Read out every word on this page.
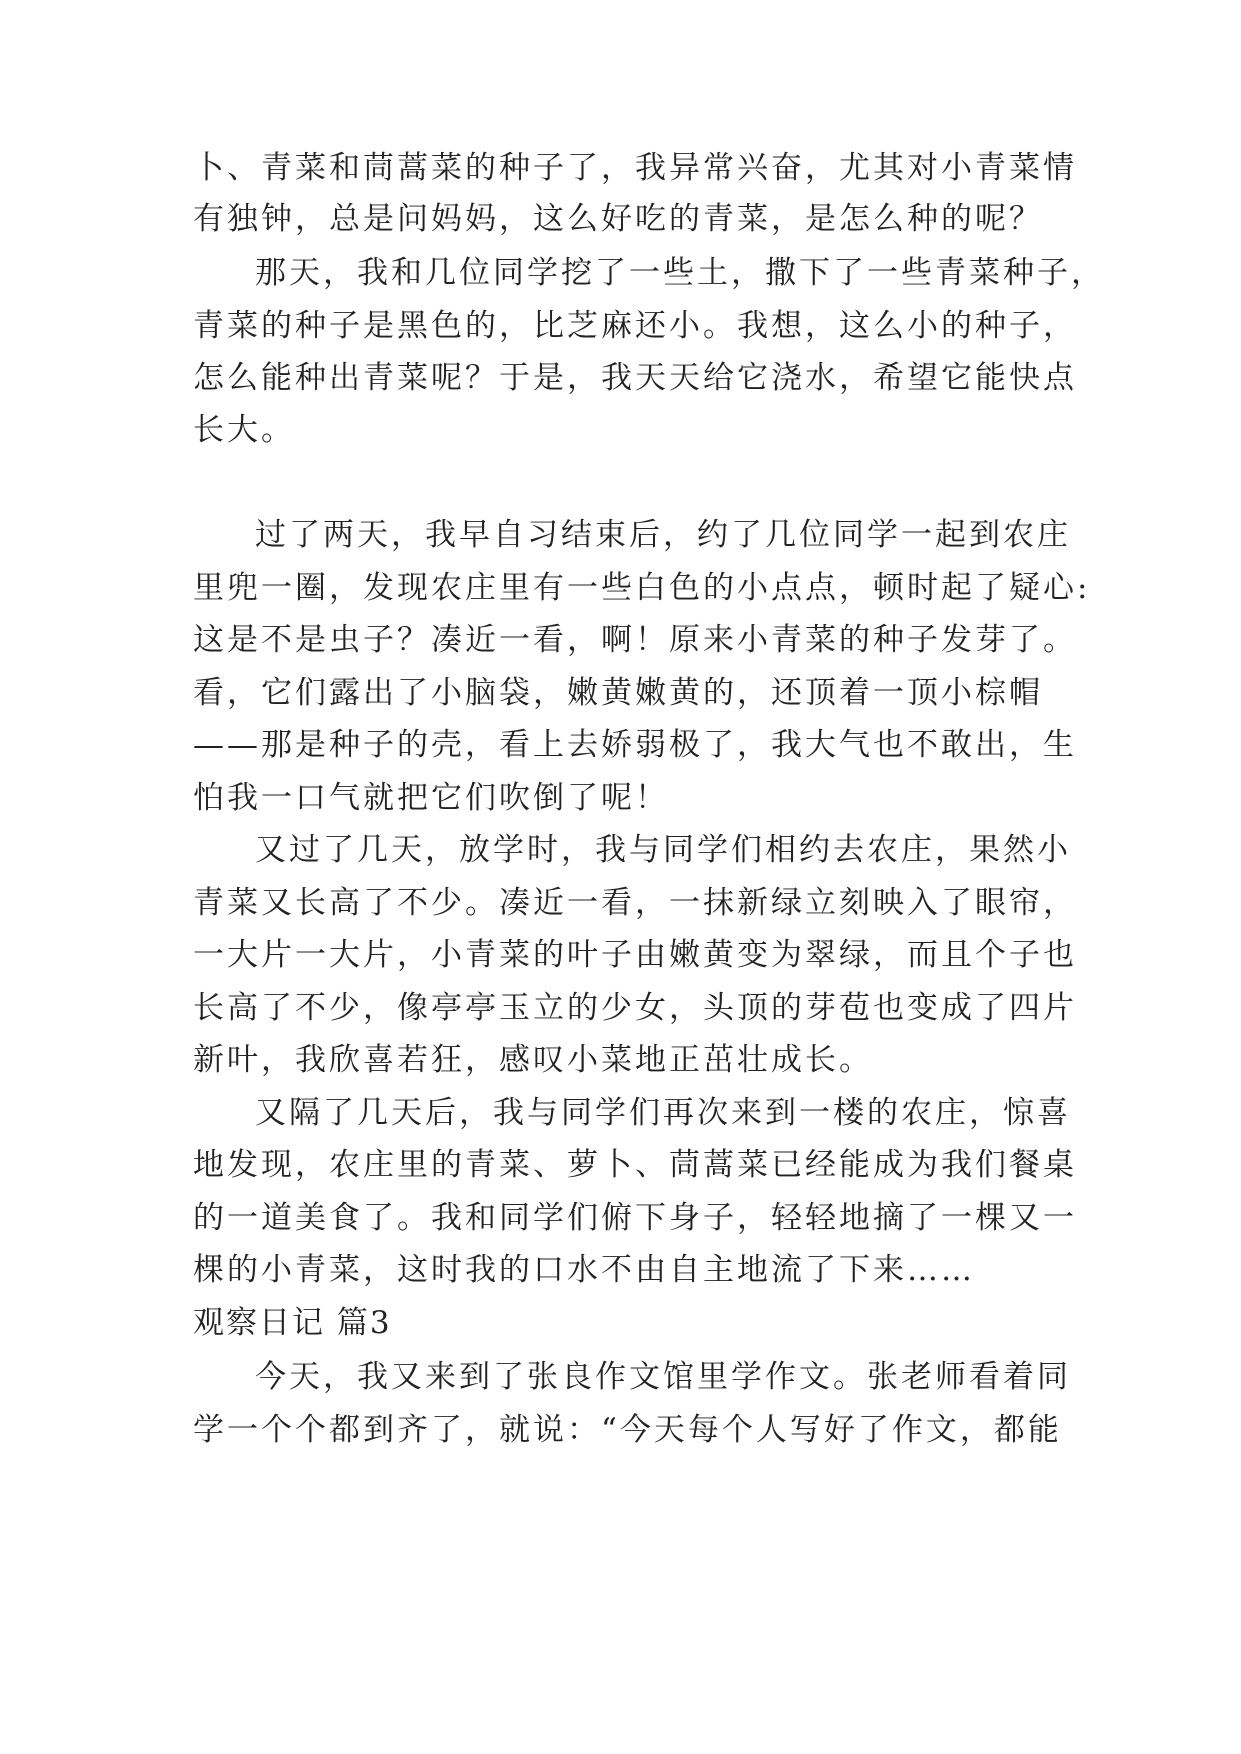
卜、青菜和茼蒿菜的种子了，我异常兴奋，尤其对小青菜情
有独钟，总是问妈妈，这么好吃的青菜，是怎么种的呢？
那天，我和几位同学挖了一些土，撒下了一些青菜种子，
青菜的种子是黑色的，比芝麻还小。我想，这么小的种子，
怎么能种出青菜呢？于是，我天天给它浇水，希望它能快点
长大。
过了两天，我早自习结束后，约了几位同学一起到农庄
里兜一圈，发现农庄里有一些白色的小点点，顿时起了疑心:
这是不是虫子？凑近一看，啊！原来小青菜的种子发芽了。
看，它们露出了小脑袋，嫩黄嫩黄的，还顶着一顶小棕帽
——那是种子的壳，看上去娇弱极了，我大气也不敢出，生
怕我一口气就把它们吹倒了呢！
又过了几天，放学时，我与同学们相约去农庄，果然小
青菜又长高了不少。凑近一看，一抹新绿立刻映入了眼帘，
一大片一大片，小青菜的叶子由嫩黄变为翠绿，而且个子也
长高了不少，像亭亭玉立的少女，头顶的芽苞也变成了四片
新叶，我欣喜若狂，感叹小菜地正茁壮成长。
又隔了几天后，我与同学们再次来到一楼的农庄，惊喜
地发现，农庄里的青菜、萝卜、茼蒿菜已经能成为我们餐桌
的一道美食了。我和同学们俯下身子，轻轻地摘了一棵又一
棵的小青菜，这时我的口水不由自主地流了下来……
观察日记 篇3
今天，我又来到了张良作文馆里学作文。张老师看着同
学一个个都到齐了，就说：“今天每个人写好了作文，都能
